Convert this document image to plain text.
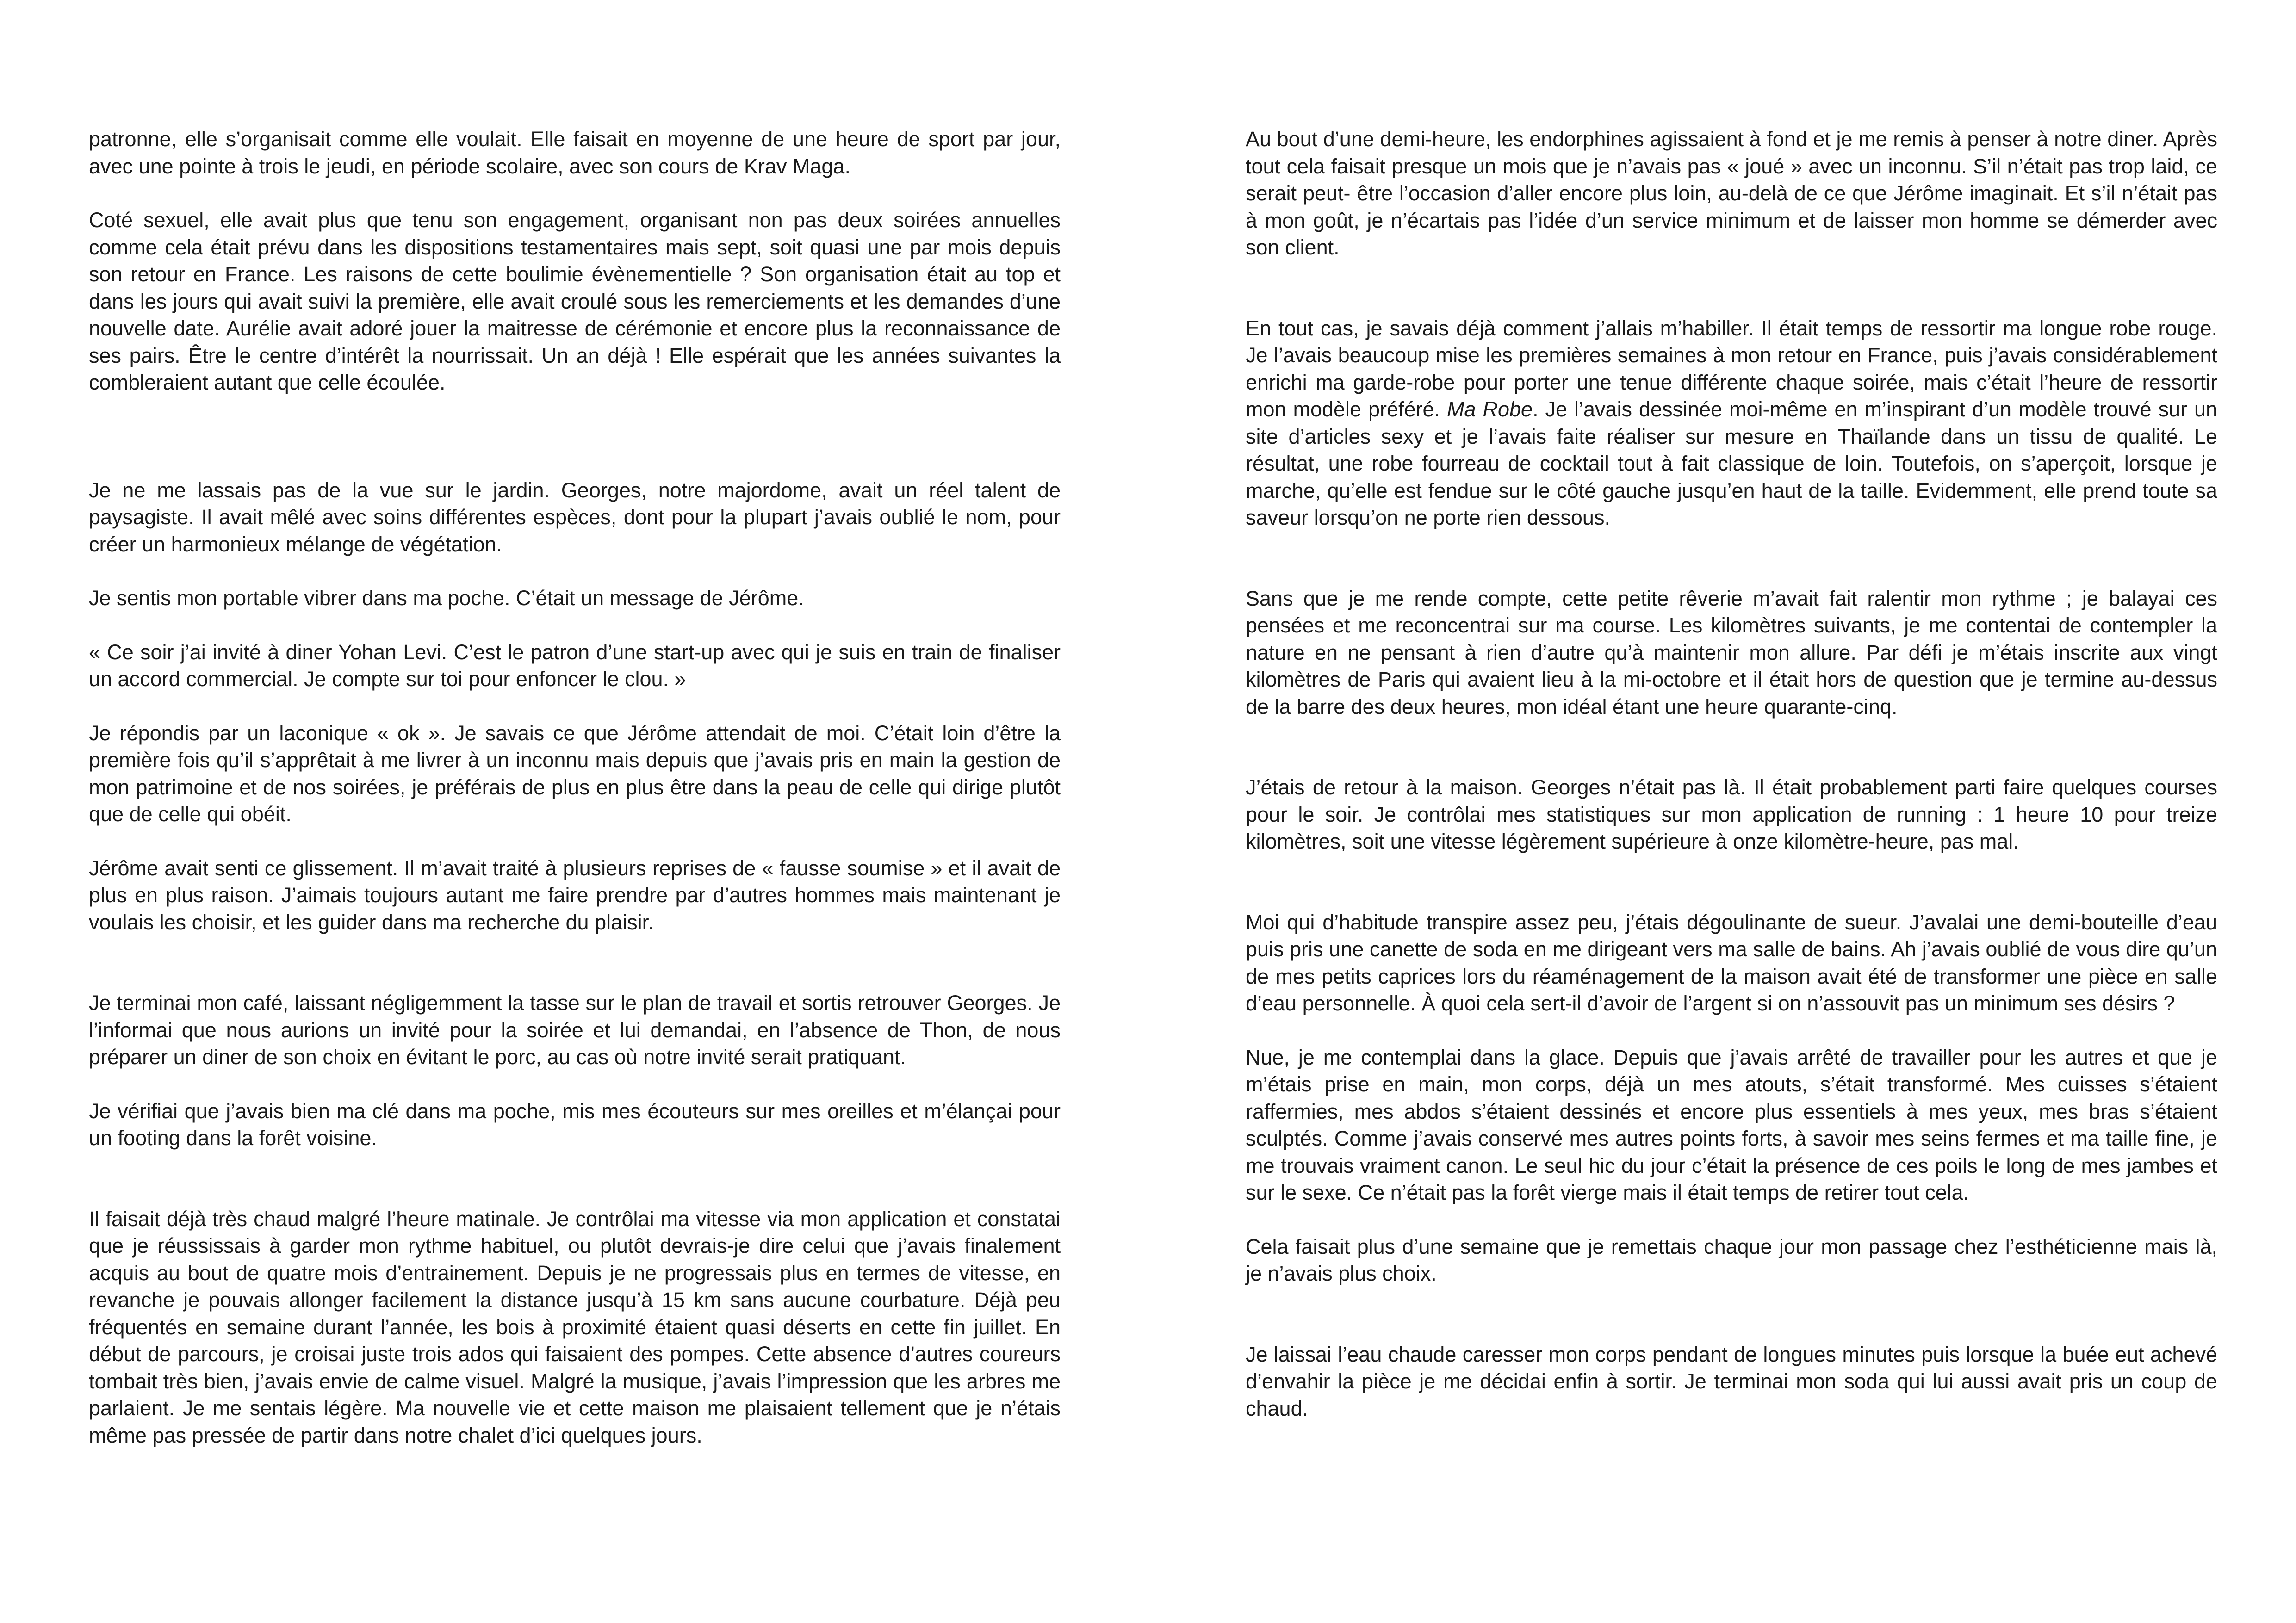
patronne, elle s’organisait comme elle voulait. Elle faisait en moyenne de une heure de sport par jour, avec une pointe à trois le jeudi, en période scolaire, avec son cours de Krav Maga.

Coté sexuel, elle avait plus que tenu son engagement, organisant non pas deux soirées annuelles comme cela était prévu dans les dispositions testamentaires mais sept, soit quasi une par mois depuis son retour en France. Les raisons de cette boulimie évènementielle ? Son organisation était au top et dans les jours qui avait suivi la première, elle avait croulé sous les remerciements et les demandes d’une nouvelle date. Aurélie avait adoré jouer la maitresse de cérémonie et encore plus la reconnaissance de ses pairs. Être le centre d’intérêt la nourrissait. Un an déjà ! Elle espérait que les années suivantes la combleraient autant que celle écoulée.

Je ne me lassais pas de la vue sur le jardin. Georges, notre majordome, avait un réel talent de paysagiste. Il avait mêlé avec soins différentes espèces, dont pour la plupart j’avais oublié le nom, pour créer un harmonieux mélange de végétation.

Je sentis mon portable vibrer dans ma poche. C’était un message de Jérôme.

« Ce soir j’ai invité à diner Yohan Levi. C’est le patron d’une start-up avec qui je suis en train de finaliser un accord commercial. Je compte sur toi pour enfoncer le clou. »

Je répondis par un laconique « ok ». Je savais ce que Jérôme attendait de moi. C’était loin d’être la première fois qu’il s’apprêtait à me livrer à un inconnu mais depuis que j’avais pris en main la gestion de mon patrimoine et de nos soirées, je préférais de plus en plus être dans la peau de celle qui dirige plutôt que de celle qui obéit.

Jérôme avait senti ce glissement. Il m’avait traité à plusieurs reprises de « fausse soumise » et il avait de plus en plus raison. J’aimais toujours autant me faire prendre par d’autres hommes mais maintenant je voulais les choisir, et les guider dans ma recherche du plaisir.

Je terminai mon café, laissant négligemment la tasse sur le plan de travail et sortis retrouver Georges. Je l’informai que nous aurions un invité pour la soirée et lui demandai, en l’absence de Thon, de nous préparer un diner de son choix en évitant le porc, au cas où notre invité serait pratiquant.

Je vérifiai que j’avais bien ma clé dans ma poche, mis mes écouteurs sur mes oreilles et m’élançai pour un footing dans la forêt voisine.

Il faisait déjà très chaud malgré l’heure matinale. Je contrôlai ma vitesse via mon application et constatai que je réussissais à garder mon rythme habituel, ou plutôt devrais-je dire celui que j’avais finalement acquis au bout de quatre mois d’entrainement. Depuis je ne progressais plus en termes de vitesse, en revanche je pouvais allonger facilement la distance jusqu’à 15 km sans aucune courbature. Déjà peu fréquentés en semaine durant l’année, les bois à proximité étaient quasi déserts en cette fin juillet. En début de parcours, je croisai juste trois ados qui faisaient des pompes. Cette absence d’autres coureurs tombait très bien, j’avais envie de calme visuel. Malgré la musique, j’avais l’impression que les arbres me parlaient. Je me sentais légère. Ma nouvelle vie et cette maison me plaisaient tellement que je n’étais même pas pressée de partir dans notre chalet d’ici quelques jours.

Au bout d’une demi-heure, les endorphines agissaient à fond et je me remis à penser à notre diner. Après tout cela faisait presque un mois que je n’avais pas « joué » avec un inconnu. S’il n’était pas trop laid, ce serait peut- être l’occasion d’aller encore plus loin, au-delà de ce que Jérôme imaginait. Et s’il n’était pas à mon goût, je n’écartais pas l’idée d’un service minimum et de laisser mon homme se démerder avec son client.

En tout cas, je savais déjà comment j’allais m’habiller. Il était temps de ressortir ma longue robe rouge. Je l’avais beaucoup mise les premières semaines à mon retour en France, puis j’avais considérablement enrichi ma garde-robe pour porter une tenue différente chaque soirée, mais c’était l’heure de ressortir mon modèle préféré. Ma Robe. Je l’avais dessinée moi-même en m’inspirant d’un modèle trouvé sur un site d’articles sexy et je l’avais faite réaliser sur mesure en Thaïlande dans un tissu de qualité. Le résultat, une robe fourreau de cocktail tout à fait classique de loin. Toutefois, on s’aperçoit, lorsque je marche, qu’elle est fendue sur le côté gauche jusqu’en haut de la taille. Evidemment, elle prend toute sa saveur lorsqu’on ne porte rien dessous.

Sans que je me rende compte, cette petite rêverie m’avait fait ralentir mon rythme ; je balayai ces pensées et me reconcentrai sur ma course. Les kilomètres suivants, je me contentai de contempler la nature en ne pensant à rien d’autre qu’à maintenir mon allure. Par défi je m’étais inscrite aux vingt kilomètres de Paris qui avaient lieu à la mi-octobre et il était hors de question que je termine au-dessus de la barre des deux heures, mon idéal étant une heure quarante-cinq.

J’étais de retour à la maison. Georges n’était pas là. Il était probablement parti faire quelques courses pour le soir. Je contrôlai mes statistiques sur mon application de running : 1 heure 10 pour treize kilomètres, soit une vitesse légèrement supérieure à onze kilomètre-heure, pas mal.

Moi qui d’habitude transpire assez peu, j’étais dégoulinante de sueur. J’avalai une demi-bouteille d’eau puis pris une canette de soda en me dirigeant vers ma salle de bains. Ah j’avais oublié de vous dire qu’un de mes petits caprices lors du réaménagement de la maison avait été de transformer une pièce en salle d’eau personnelle. À quoi cela sert-il d’avoir de l’argent si on n’assouvit pas un minimum ses désirs ?

Nue, je me contemplai dans la glace. Depuis que j’avais arrêté de travailler pour les autres et que je m’étais prise en main, mon corps, déjà un mes atouts, s’était transformé. Mes cuisses s’étaient raffermies, mes abdos s’étaient dessinés et encore plus essentiels à mes yeux, mes bras s’étaient sculptés. Comme j’avais conservé mes autres points forts, à savoir mes seins fermes et ma taille fine, je me trouvais vraiment canon. Le seul hic du jour c’était la présence de ces poils le long de mes jambes et sur le sexe. Ce n’était pas la forêt vierge mais il était temps de retirer tout cela.

Cela faisait plus d’une semaine que je remettais chaque jour mon passage chez l’esthéticienne mais là, je n’avais plus choix.

Je laissai l’eau chaude caresser mon corps pendant de longues minutes puis lorsque la buée eut achevé d’envahir la pièce je me décidai enfin à sortir. Je terminai mon soda qui lui aussi avait pris un coup de chaud.
